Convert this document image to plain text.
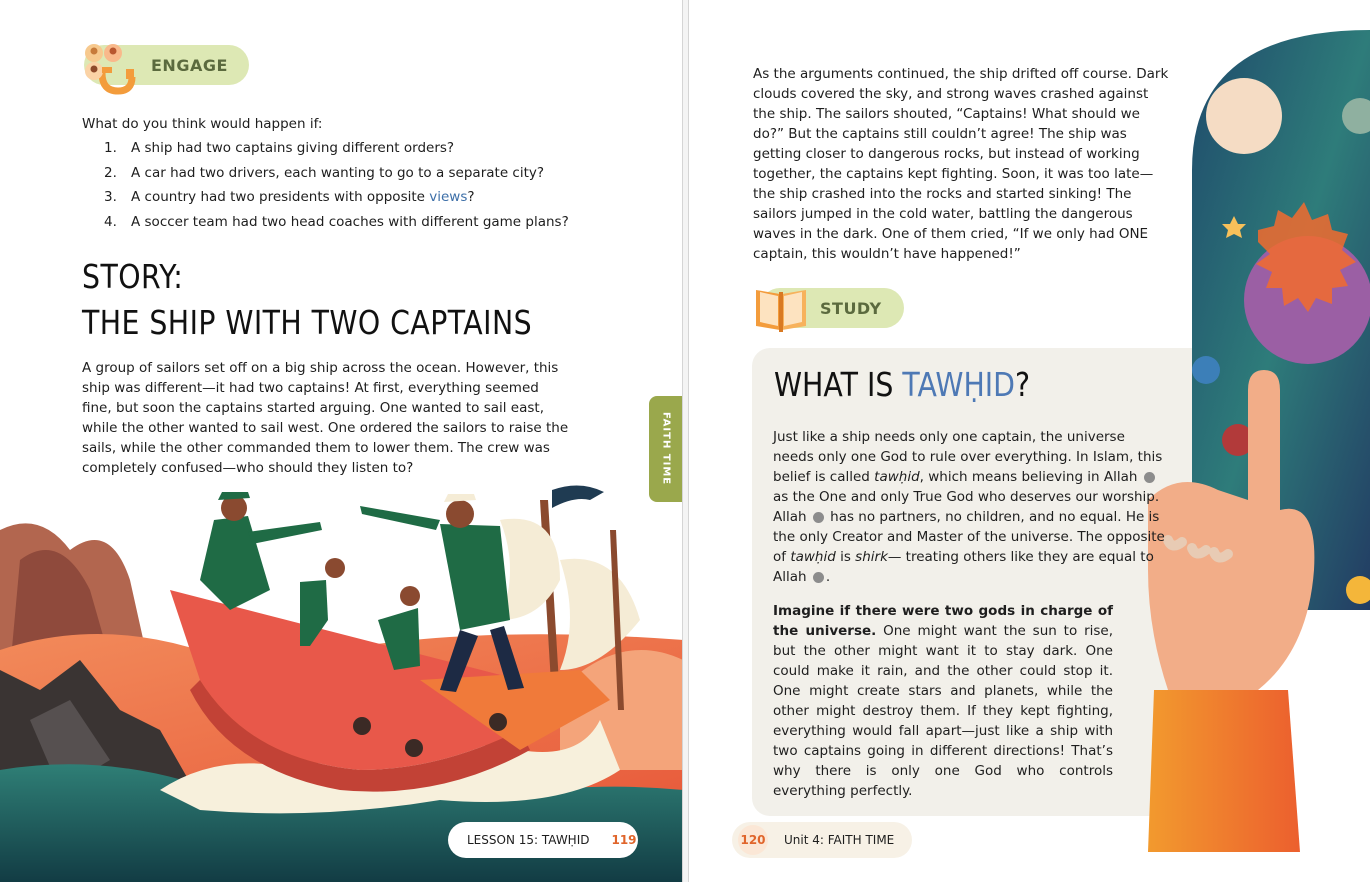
ENGAGE
What do you think would happen if:
1.	A ship had two captains giving different orders?
2.	A car had two drivers, each wanting to go to a separate city?
3.	A country had two presidents with opposite views?
4.	A soccer team had two head coaches with different game plans?
STORY:
THE SHIP WITH TWO CAPTAINS

A group of sailors set off on a big ship across the ocean. However, this ship was different—it had two captains! At first, everything seemed fine, but soon the captains started arguing. One wanted to sail east, while the other wanted to sail west. One ordered the sailors to raise the sails, while the other commanded them to lower them. The crew was completely confused—who should they listen to?	FAITH TIME
LESSON 15: TAWḤID 119

As the arguments continued, the ship drifted off course. Dark clouds covered the sky, and strong waves crashed against the ship. The sailors shouted, “Captains! What should we do?” But the captains still couldn’t agree! The ship was getting closer to dangerous rocks, but instead of working together, the captains kept fighting. Soon, it was too late—the ship crashed into the rocks and started sinking! The sailors jumped in the cold water, battling the dangerous waves in the dark. One of them cried, “If we only had ONE captain, this wouldn’t have happened!”

STUDY
WHAT IS TAWḤID?

Just like a ship needs only one captain, the universe needs only one God to rule over everything. In Islam, this belief is called tawḥid, which means believing in Allah  as the One and only True God who deserves our worship. Allah  has no partners, no children, and no equal. He is the only Creator and Master of the universe. The opposite of tawḥid is shirk— treating others like they are equal to Allah .

Imagine if there were two gods in charge of the universe. One might want the sun to rise, but the other might want it to stay dark. One could make it rain, and the other could stop it. One might create stars and planets, while the other might destroy them. If they kept fighting, everything would fall apart—just like a ship with two captains going in different directions! That’s why there is only one God who controls everything perfectly.

120 Unit 4: FAITH TIME
